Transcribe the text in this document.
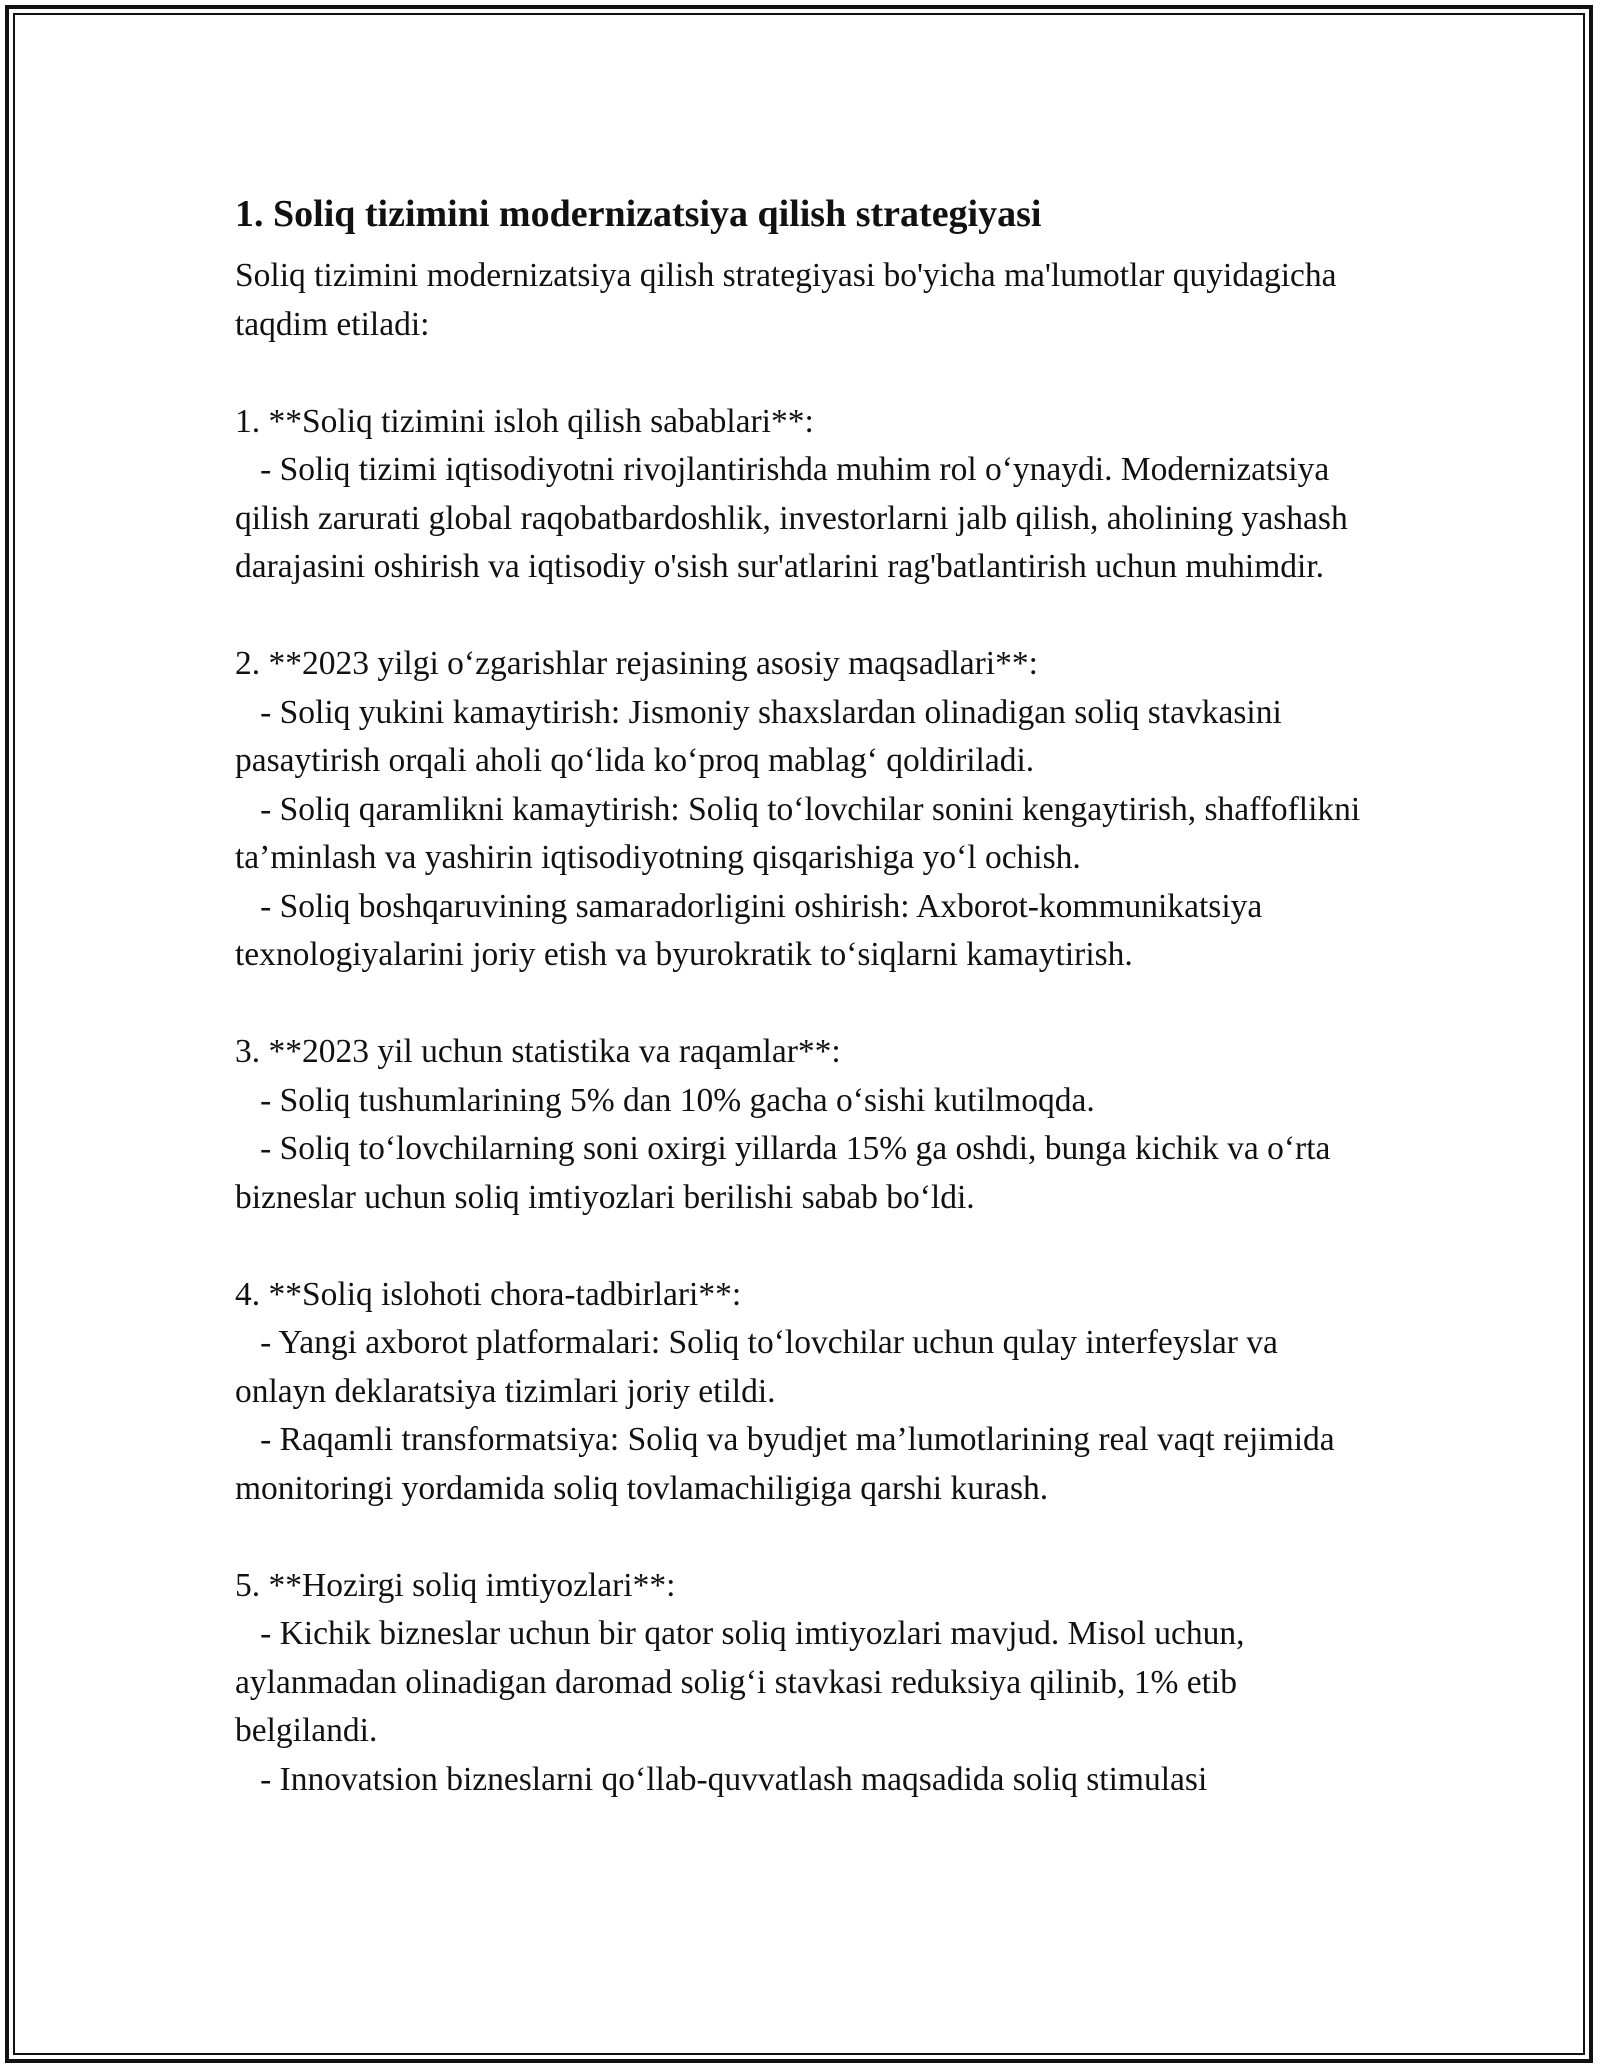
1. Soliq tizimini modernizatsiya qilish strategiyasi

Soliq tizimini modernizatsiya qilish strategiyasi bo'yicha ma'lumotlar quyidagicha taqdim etiladi:

1. **Soliq tizimini isloh qilish sabablari**:

- Soliq tizimi iqtisodiyotni rivojlantirishda muhim rol o‘ynaydi. Modernizatsiya qilish zarurati global raqobatbardoshlik, investorlarni jalb qilish, aholining yashash darajasini oshirish va iqtisodiy o'sish sur'atlarini rag'batlantirish uchun muhimdir.

2. **2023 yilgi o‘zgarishlar rejasining asosiy maqsadlari**:

- Soliq yukini kamaytirish: Jismoniy shaxslardan olinadigan soliq stavkasini pasaytirish orqali aholi qo‘lida ko‘proq mablag‘ qoldiriladi.

- Soliq qaramlikni kamaytirish: Soliq to‘lovchilar sonini kengaytirish, shaffoflikni ta’minlash va yashirin iqtisodiyotning qisqarishiga yo‘l ochish.

- Soliq boshqaruvining samaradorligini oshirish: Axborot-kommunikatsiya texnologiyalarini joriy etish va byurokratik to‘siqlarni kamaytirish.

3. **2023 yil uchun statistika va raqamlar**:

- Soliq tushumlarining 5% dan 10% gacha o‘sishi kutilmoqda.

- Soliq to‘lovchilarning soni oxirgi yillarda 15% ga oshdi, bunga kichik va o‘rta bizneslar uchun soliq imtiyozlari berilishi sabab bo‘ldi.

4. **Soliq islohoti chora-tadbirlari**:

- Yangi axborot platformalari: Soliq to‘lovchilar uchun qulay interfeyslar va onlayn deklaratsiya tizimlari joriy etildi.

- Raqamli transformatsiya: Soliq va byudjet ma’lumotlarining real vaqt rejimida monitoringi yordamida soliq tovlamachiligiga qarshi kurash.

5. **Hozirgi soliq imtiyozlari**:

- Kichik bizneslar uchun bir qator soliq imtiyozlari mavjud. Misol uchun, aylanmadan olinadigan daromad solig‘i stavkasi reduksiya qilinib, 1% etib belgilandi.

- Innovatsion bizneslarni qo‘llab-quvvatlash maqsadida soliq stimulasi
